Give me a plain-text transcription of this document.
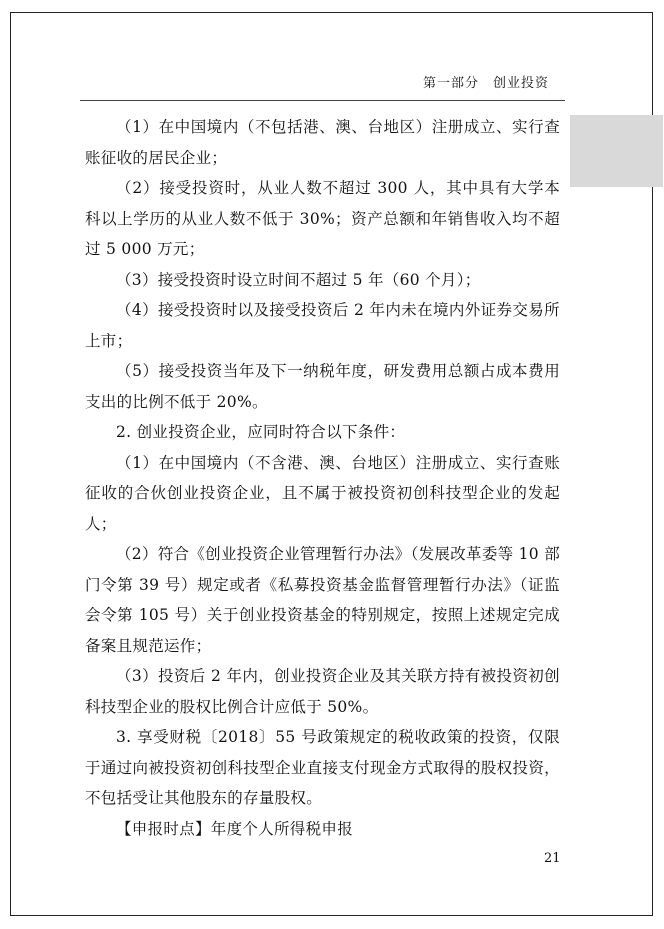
第一部分　创业投资

（1）在中国境内（不包括港、澳、台地区）注册成立、实行查账征收的居民企业；

（2）接受投资时，从业人数不超过 300 人，其中具有大学本科以上学历的从业人数不低于 30%；资产总额和年销售收入均不超过 5 000 万元；

（3）接受投资时设立时间不超过 5 年（60 个月）；

（4）接受投资时以及接受投资后 2 年内未在境内外证券交易所上市；

（5）接受投资当年及下一纳税年度，研发费用总额占成本费用支出的比例不低于 20%。

2. 创业投资企业，应同时符合以下条件：

（1）在中国境内（不含港、澳、台地区）注册成立、实行查账征收的合伙创业投资企业，且不属于被投资初创科技型企业的发起人；

（2）符合《创业投资企业管理暂行办法》（发展改革委等 10 部门令第 39 号）规定或者《私募投资基金监督管理暂行办法》（证监会令第 105 号）关于创业投资基金的特别规定，按照上述规定完成备案且规范运作；

（3）投资后 2 年内，创业投资企业及其关联方持有被投资初创科技型企业的股权比例合计应低于 50%。

3. 享受财税〔2018〕55 号政策规定的税收政策的投资，仅限于通过向被投资初创科技型企业直接支付现金方式取得的股权投资，不包括受让其他股东的存量股权。

【申报时点】年度个人所得税申报

21
